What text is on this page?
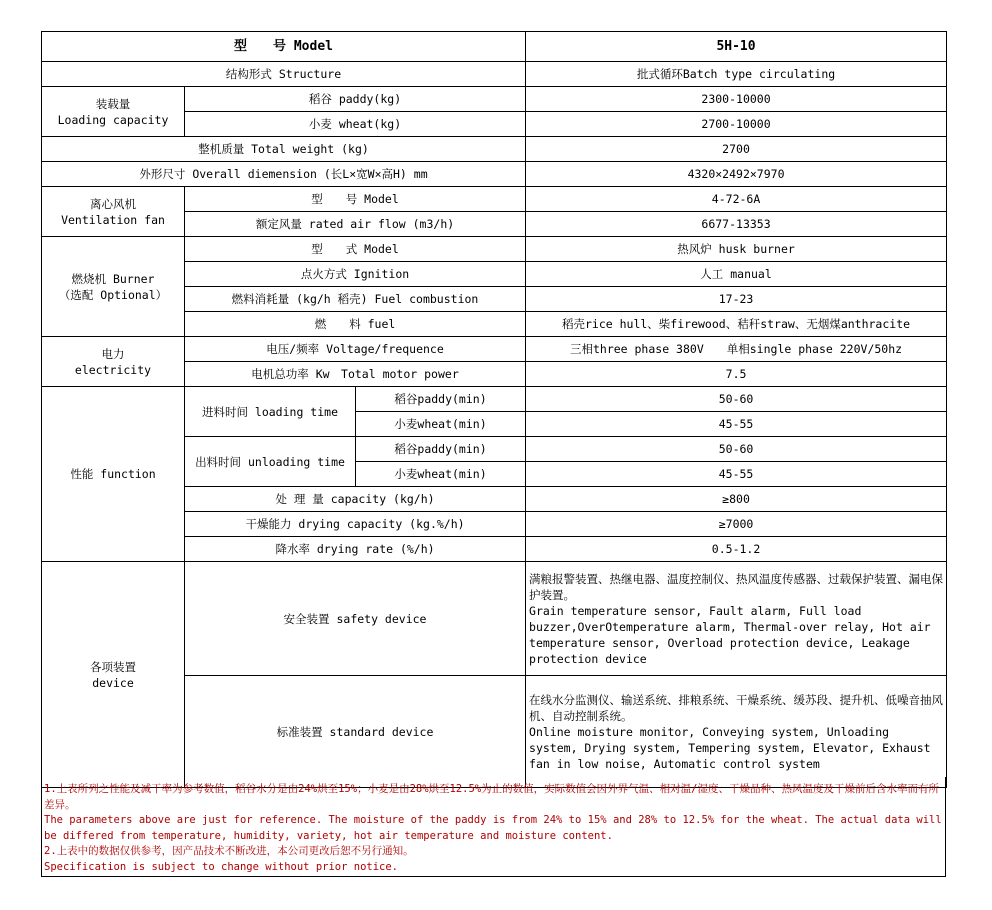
型　　号 Model			5H-10
结构形式 Structure			批式循环Batch type circulating
装载量
Loading capacity	稻谷 paddy(kg)		2300-10000
	小麦 wheat(kg)		2700-10000
整机质量 Total weight (kg)			2700
外形尺寸 Overall diemension (长L×宽W×高H) mm			4320×2492×7970
离心风机
Ventilation fan	型　　号 Model		4-72-6A
	额定风量 rated air flow (m3/h)		6677-13353
燃烧机 Burner
（选配 Optional）	型　　式 Model		热风炉 husk burner
	点火方式 Ignition		人工 manual
	燃料消耗量 (kg/h 稻壳) Fuel combustion		17-23
	燃　　料 fuel		稻壳rice hull、柴firewood、秸秆straw、无烟煤anthracite
电力
electricity	电压/频率 Voltage/frequence		三相three phase 380V　　单相single phase 220V/50hz
	电机总功率 Kw　Total motor power		7.5
性能 function	进料时间 loading time	稻谷paddy(min)	50-60
		小麦wheat(min)	45-55
	出料时间 unloading time	稻谷paddy(min)	50-60
		小麦wheat(min)	45-55
	处 理 量 capacity (kg/h)		≥800
	干燥能力 drying capacity (kg.%/h)		≥7000
	降水率 drying rate (%/h)		0.5-1.2
各项装置
device	安全装置 safety device		满粮报警装置、热继电器、温度控制仪、热风温度传感器、过载保护装置、漏电保护装置。
Grain temperature sensor, Fault alarm, Full load buzzer,OverOtemperature alarm, Thermal-over relay, Hot air temperature sensor, Overload protection device, Leakage protection device
	标准装置 standard device		在线水分监测仪、输送系统、排粮系统、干燥系统、缓苏段、提升机、低噪音抽风机、自动控制系统。
Online moisture monitor, Conveying system, Unloading system, Drying system, Tempering system, Elevator, Exhaust fan in low noise, Automatic control system

1.上表所列之性能及减干率为参考数值，稻谷水分是由24%烘至15%；小麦是由28%烘至12.5%为止的数值，实际数值会因外界气温、相对温/湿度、干燥品种、热风温度及干燥前后含水率而有所差异。

The parameters above are just for reference. The moisture of the paddy is from 24% to 15% and 28% to 12.5% for the wheat. The actual data will be differed from temperature, humidity, variety, hot air temperature and moisture content.

2.上表中的数据仅供参考，因产品技术不断改进，本公司更改后恕不另行通知。

Specification is subject to change without prior notice.
